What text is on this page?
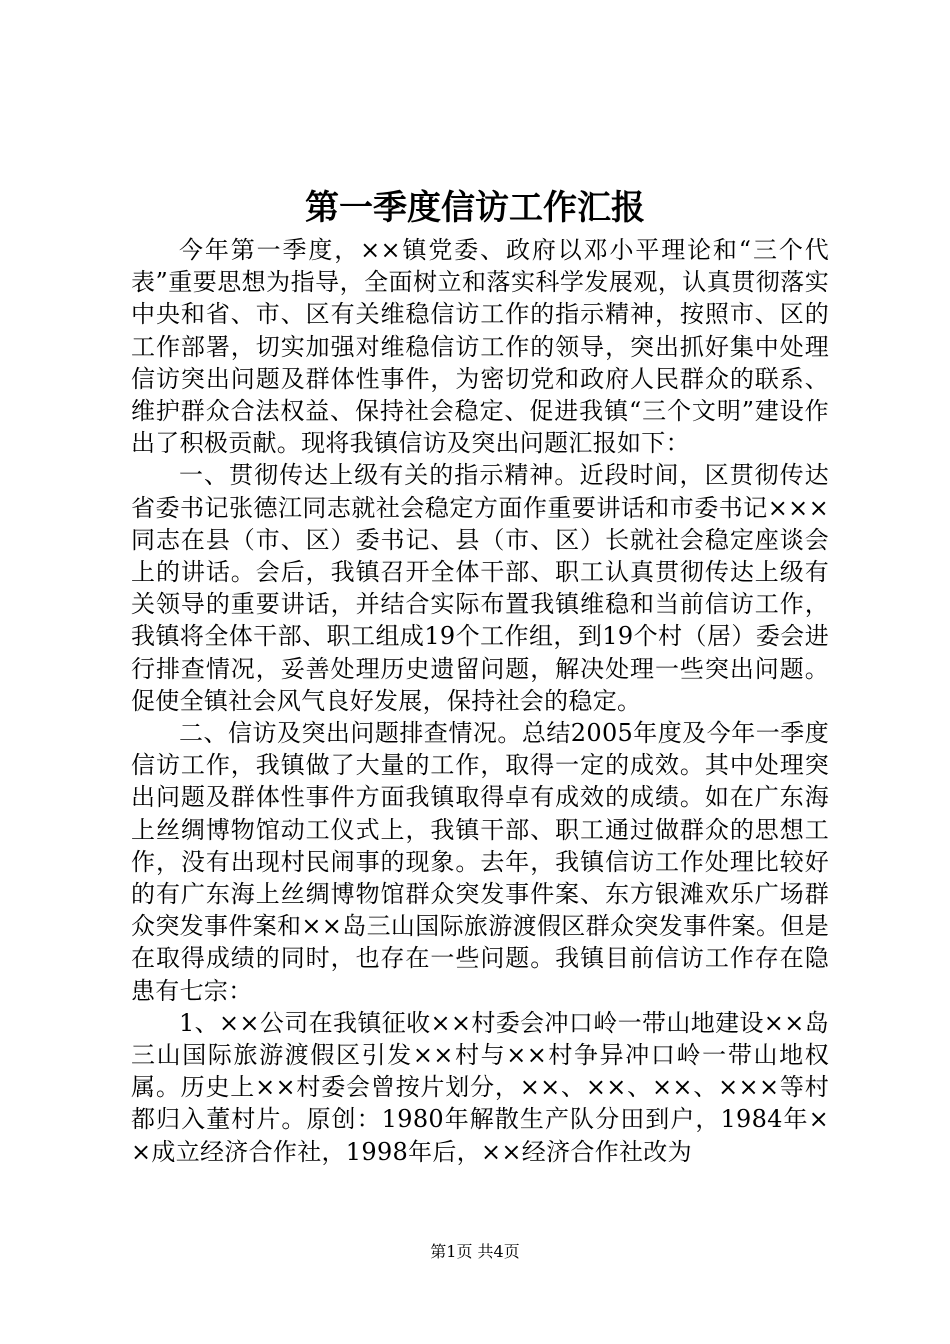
第一季度信访工作汇报

今年第一季度，××镇党委、政府以邓小平理论和“三个代表”重要思想为指导，全面树立和落实科学发展观，认真贯彻落实中央和省、市、区有关维稳信访工作的指示精神，按照市、区的工作部署，切实加强对维稳信访工作的领导，突出抓好集中处理信访突出问题及群体性事件，为密切党和政府人民群众的联系、维护群众合法权益、保持社会稳定、促进我镇“三个文明”建设作出了积极贡献。现将我镇信访及突出问题汇报如下：

一、贯彻传达上级有关的指示精神。近段时间，区贯彻传达省委书记张德江同志就社会稳定方面作重要讲话和市委书记×××同志在县（市、区）委书记、县（市、区）长就社会稳定座谈会上的讲话。会后，我镇召开全体干部、职工认真贯彻传达上级有关领导的重要讲话，并结合实际布置我镇维稳和当前信访工作，我镇将全体干部、职工组成19个工作组，到19个村（居）委会进行排查情况，妥善处理历史遗留问题，解决处理一些突出问题。促使全镇社会风气良好发展，保持社会的稳定。

二、信访及突出问题排查情况。总结2005年度及今年一季度信访工作，我镇做了大量的工作，取得一定的成效。其中处理突出问题及群体性事件方面我镇取得卓有成效的成绩。如在广东海上丝绸博物馆动工仪式上，我镇干部、职工通过做群众的思想工作，没有出现村民闹事的现象。去年，我镇信访工作处理比较好的有广东海上丝绸博物馆群众突发事件案、东方银滩欢乐广场群众突发事件案和××岛三山国际旅游渡假区群众突发事件案。但是在取得成绩的同时，也存在一些问题。我镇目前信访工作存在隐患有七宗：

1、××公司在我镇征收××村委会冲口岭一带山地建设××岛三山国际旅游渡假区引发××村与××村争异冲口岭一带山地权属。历史上××村委会曾按片划分，××、××、××、×××等村都归入董村片。原创：1980年解散生产队分田到户，1984年××成立经济合作社，1998年后，××经济合作社改为

第1页 共4页
